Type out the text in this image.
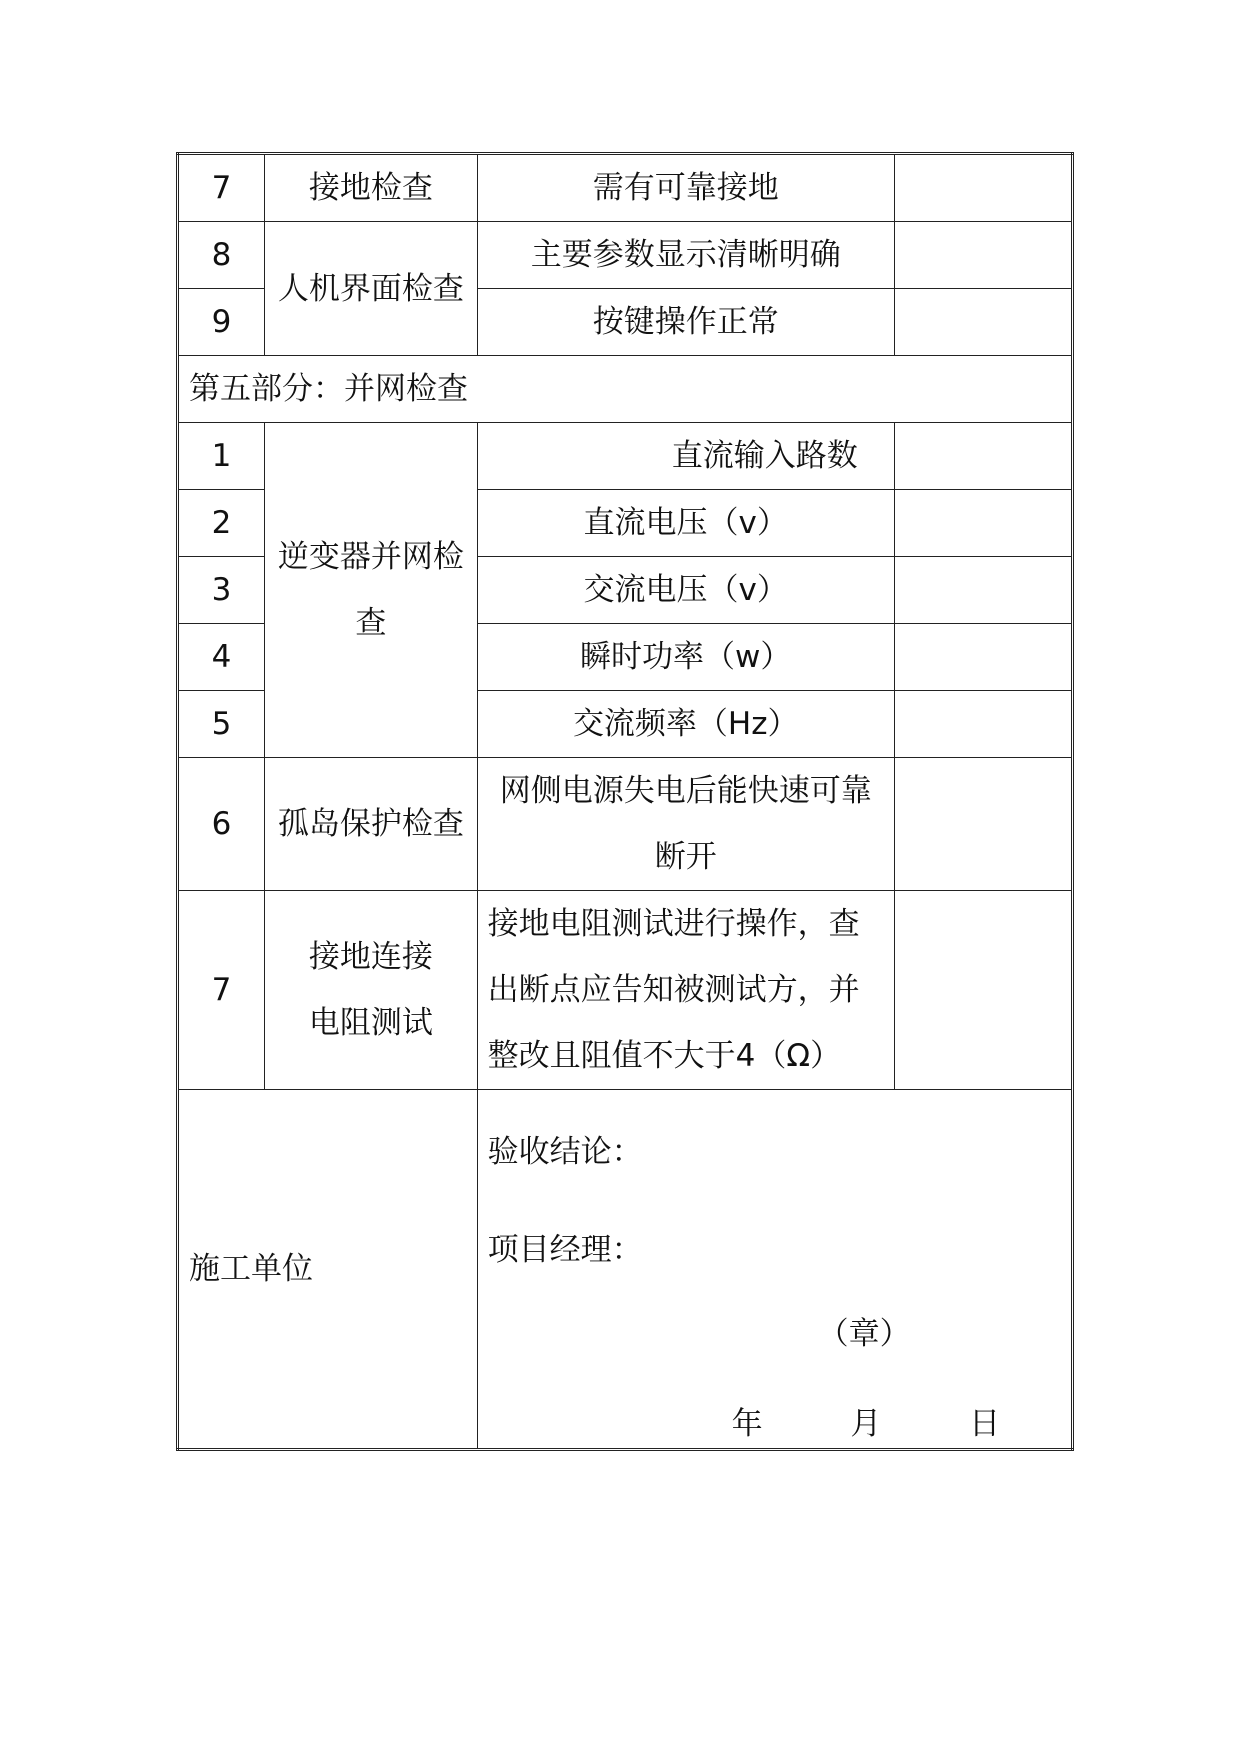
7	接地检查	需有可靠接地	
8	人机界面检查	主要参数显示清晰明确	
9		按键操作正常	
第五部分：并网检查			
1	逆变器并网检查	直流输入路数	
2		直流电压（v）	
3		交流电压（v）	
4		瞬时功率（w）	
5		交流频率（Hz）	
6	孤岛保护检查	网侧电源失电后能快速可靠断开	
7	接地连接电阻测试	接地电阻测试进行操作，查出断点应告知被测试方，并整改且阻值不大于4（Ω）	
施工单位		验收结论：
项目经理：
（章）
年 月 日	
